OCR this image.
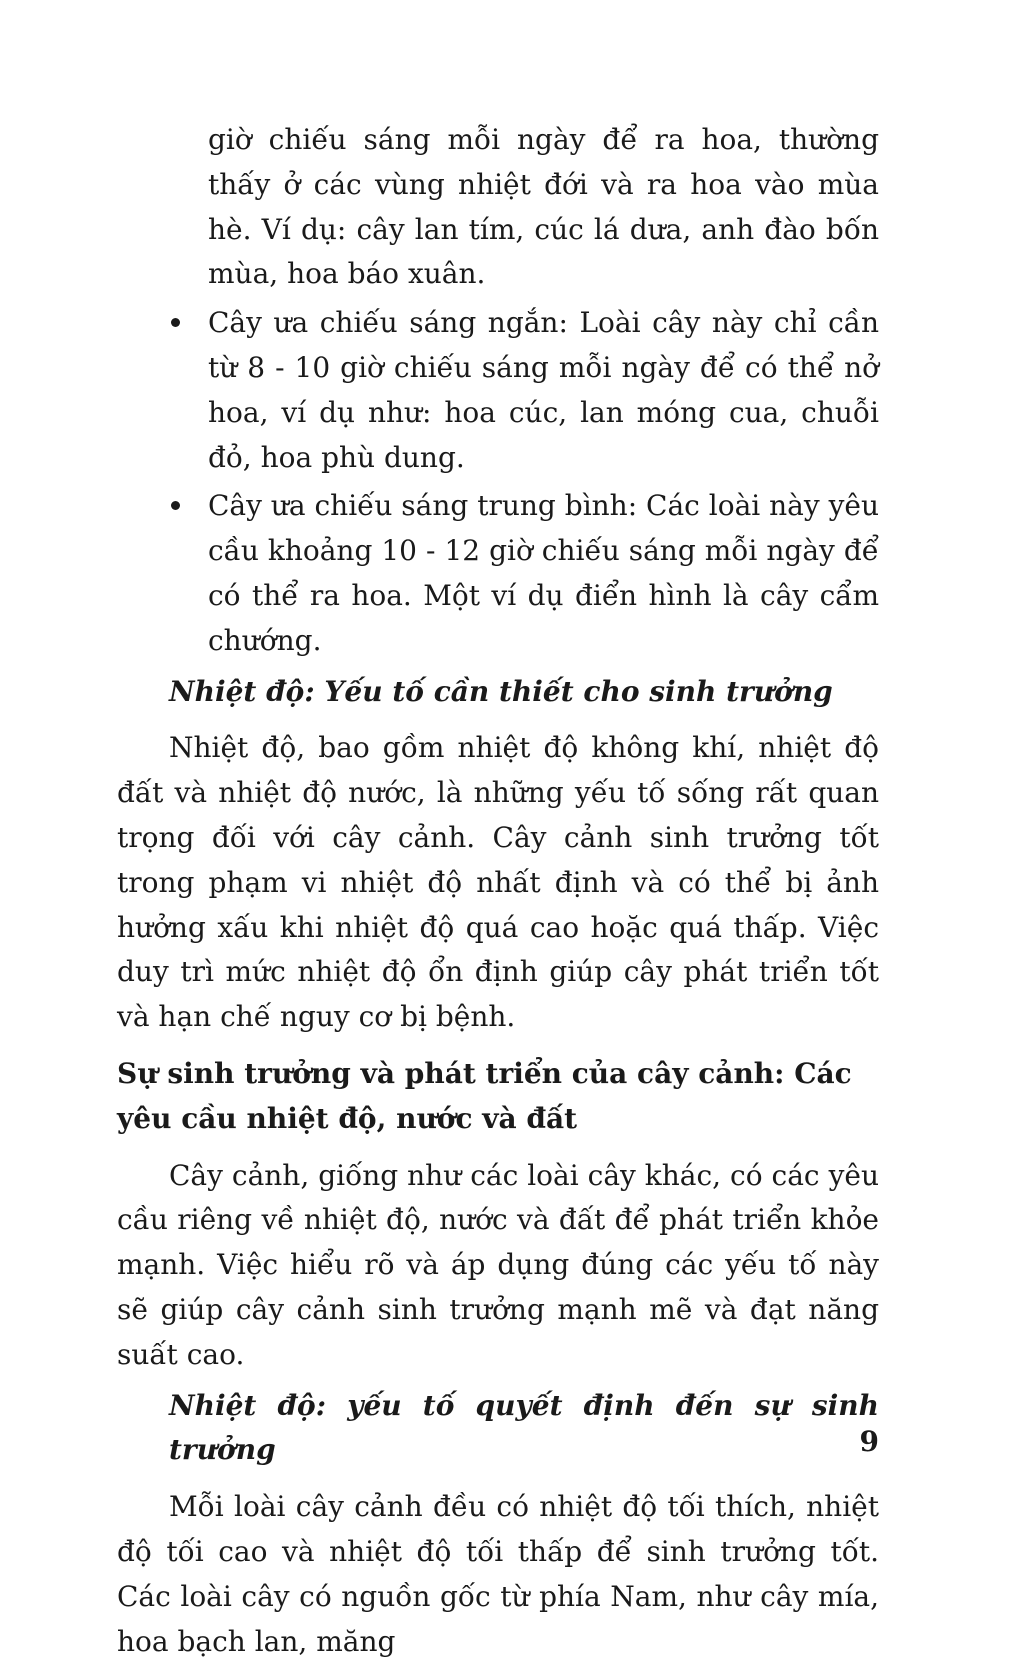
giờ chiếu sáng mỗi ngày để ra hoa, thường thấy ở các vùng nhiệt đới và ra hoa vào mùa hè. Ví dụ: cây lan tím, cúc lá dưa, anh đào bốn mùa, hoa báo xuân.

Cây ưa chiếu sáng ngắn: Loài cây này chỉ cần từ 8 - 10 giờ chiếu sáng mỗi ngày để có thể nở hoa, ví dụ như: hoa cúc, lan móng cua, chuỗi đỏ, hoa phù dung.
Cây ưa chiếu sáng trung bình: Các loài này yêu cầu khoảng 10 - 12 giờ chiếu sáng mỗi ngày để có thể ra hoa. Một ví dụ điển hình là cây cẩm chướng.

Nhiệt độ: Yếu tố cần thiết cho sinh trưởng

Nhiệt độ, bao gồm nhiệt độ không khí, nhiệt độ đất và nhiệt độ nước, là những yếu tố sống rất quan trọng đối với cây cảnh. Cây cảnh sinh trưởng tốt trong phạm vi nhiệt độ nhất định và có thể bị ảnh hưởng xấu khi nhiệt độ quá cao hoặc quá thấp. Việc duy trì mức nhiệt độ ổn định giúp cây phát triển tốt và hạn chế nguy cơ bị bệnh.

Sự sinh trưởng và phát triển của cây cảnh: Các yêu cầu nhiệt độ, nước và đất

Cây cảnh, giống như các loài cây khác, có các yêu cầu riêng về nhiệt độ, nước và đất để phát triển khỏe mạnh. Việc hiểu rõ và áp dụng đúng các yếu tố này sẽ giúp cây cảnh sinh trưởng mạnh mẽ và đạt năng suất cao.

Nhiệt độ: yếu tố quyết định đến sự sinh trưởng

Mỗi loài cây cảnh đều có nhiệt độ tối thích, nhiệt độ tối cao và nhiệt độ tối thấp để sinh trưởng tốt. Các loài cây có nguồn gốc từ phía Nam, như cây mía, hoa bạch lan, măng

9
